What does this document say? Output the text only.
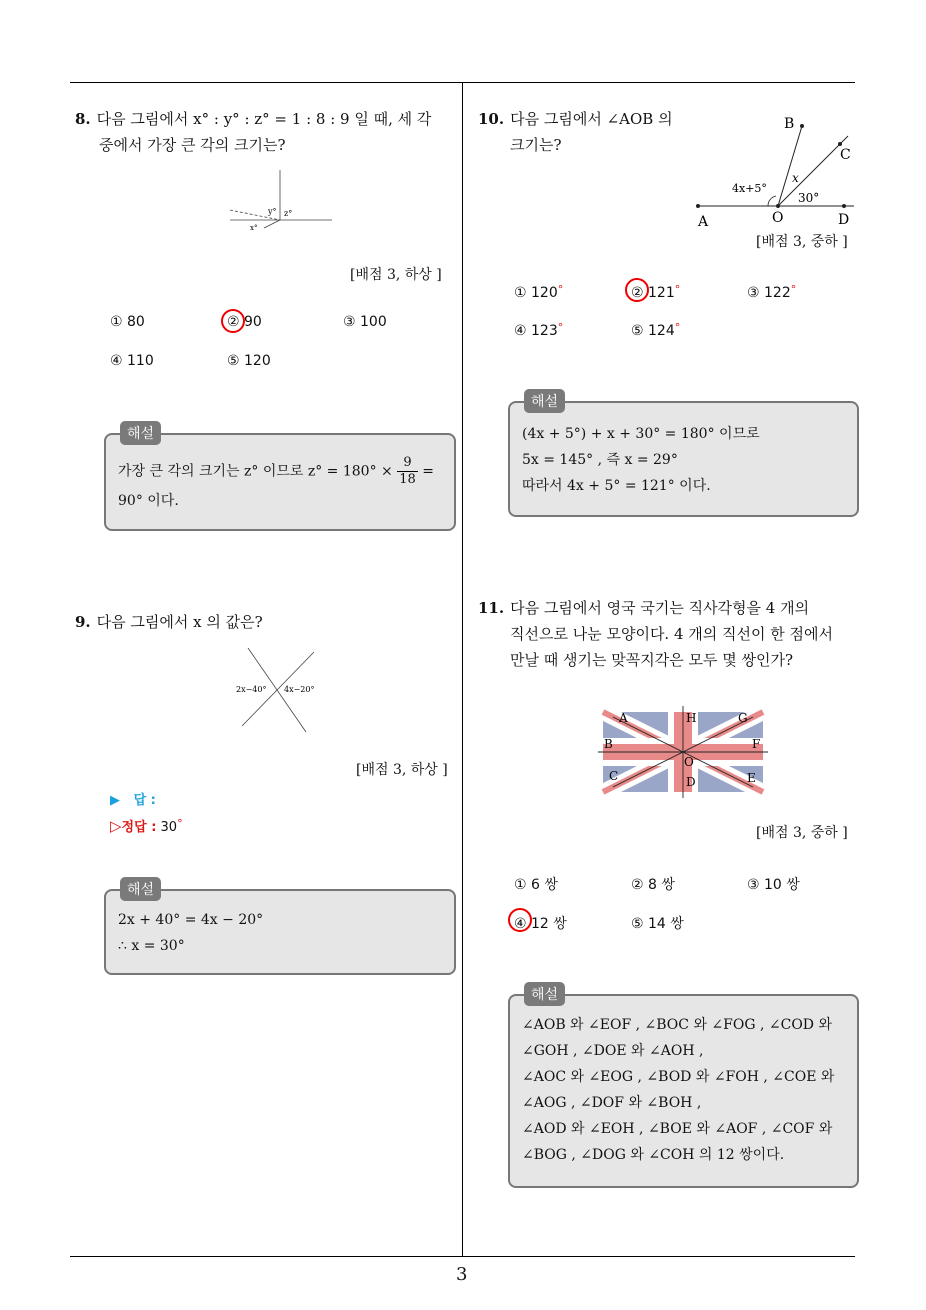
8. 다음 그림에서 x° : y° : z° = 1 : 8 : 9 일 때, 세 각
중에서 가장 큰 각의 크기는?
y° z°
x°
[배점 3, 하상 ]
① 80	② 90	③ 100
④ 110	⑤ 120
해설
가장 큰 각의 크기는 z° 이므로 $z^\circ = 180^\circ \times \frac{9}{18}$ =
90° 이다.
9. 다음 그림에서 x 의 값은?
2x−40° 4x−20°
[배점 3, 하상 ]
▶ 답 :
▷정답 : 30°
해설
2x + 40° = 4x − 20°
∴ x = 30°
10. 다음 그림에서 ∠AOB 의
크기는?
B
C
A	O	D
x
4x+5°
30°
[배점 3, 중하 ]
① 120°	② 121°	③ 122°
④ 123°	⑤ 124°
해설
(4x + 5°) + x + 30° = 180° 이므로
5x = 145° , 즉 x = 29°
따라서 4x + 5° = 121° 이다.
11. 다음 그림에서 영국 국기는 직사각형을 4 개의
직선으로 나눈 모양이다. 4 개의 직선이 한 점에서
만날 때 생기는 맞꼭지각은 모두 몇 쌍인가?
A	H	G
B	F
O
C	D	E
[배점 3, 중하 ]
① 6 쌍	② 8 쌍	③ 10 쌍
④ 12 쌍	⑤ 14 쌍
해설
∠AOB 와 ∠EOF , ∠BOC 와 ∠FOG , ∠COD 와
∠GOH , ∠DOE 와 ∠AOH ,
∠AOC 와 ∠EOG , ∠BOD 와 ∠FOH , ∠COE 와
∠AOG , ∠DOF 와 ∠BOH ,
∠AOD 와 ∠EOH , ∠BOE 와 ∠AOF , ∠COF 와
∠BOG , ∠DOG 와 ∠COH 의 12 쌍이다.
3
